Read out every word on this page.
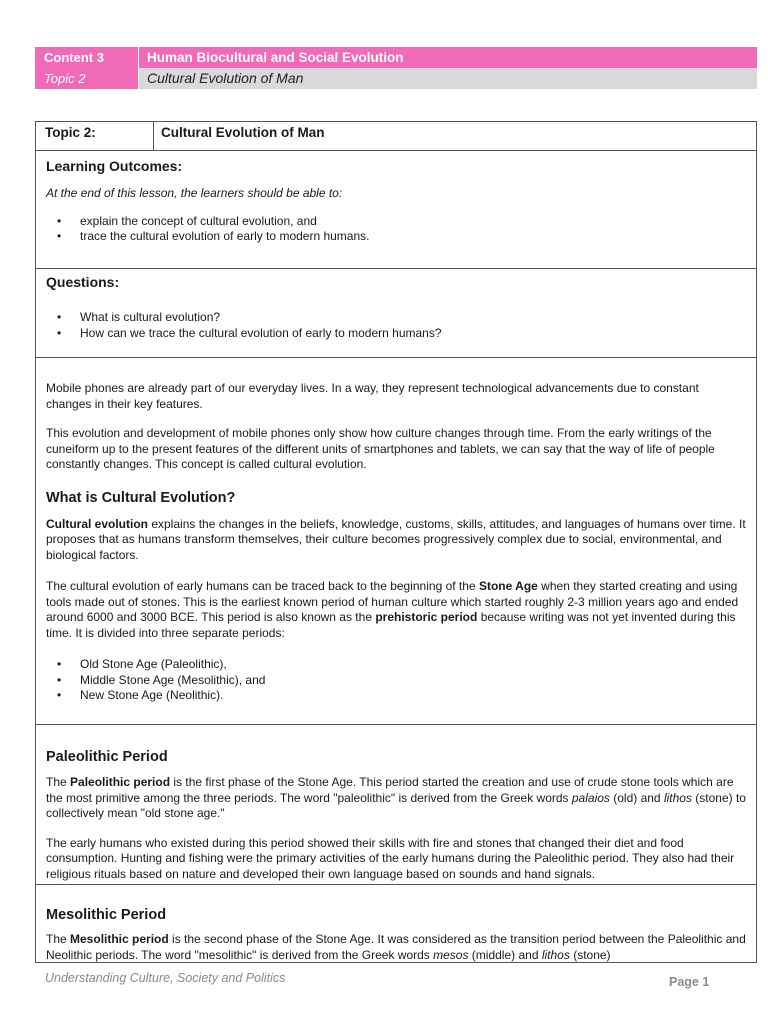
Content 3	Human Biocultural and Social Evolution
Topic 2	Cultural Evolution of Man
Topic 2:	Cultural Evolution of Man
Learning Outcomes:

At the end of this lesson, the learners should be able to:

• explain the concept of cultural evolution, and
• trace the cultural evolution of early to modern humans.
Questions:
• What is cultural evolution?
• How can we trace the cultural evolution of early to modern humans?

Mobile phones are already part of our everyday lives. In a way, they represent technological advancements due to constant changes in their key features.

This evolution and development of mobile phones only show how culture changes through time. From the early writings of the cuneiform up to the present features of the different units of smartphones and tablets, we can say that the way of life of people constantly changes. This concept is called cultural evolution.

What is Cultural Evolution?

Cultural evolution explains the changes in the beliefs, knowledge, customs, skills, attitudes, and languages of humans over time. It proposes that as humans transform themselves, their culture becomes progressively complex due to social, environmental, and biological factors.

The cultural evolution of early humans can be traced back to the beginning of the Stone Age when they started creating and using tools made out of stones. This is the earliest known period of human culture which started roughly 2-3 million years ago and ended around 6000 and 3000 BCE. This period is also known as the prehistoric period because writing was not yet invented during this time. It is divided into three separate periods:

• Old Stone Age (Paleolithic),
• Middle Stone Age (Mesolithic), and
• New Stone Age (Neolithic).
Paleolithic Period

The Paleolithic period is the first phase of the Stone Age. This period started the creation and use of crude stone tools which are the most primitive among the three periods. The word "paleolithic" is derived from the Greek words palaios (old) and lithos (stone) to collectively mean "old stone age."

The early humans who existed during this period showed their skills with fire and stones that changed their diet and food consumption. Hunting and fishing were the primary activities of the early humans during the Paleolithic period. They also had their religious rituals based on nature and developed their own language based on sounds and hand signals.

Mesolithic Period

The Mesolithic period is the second phase of the Stone Age. It was considered as the transition period between the Paleolithic and Neolithic periods. The word "mesolithic" is derived from the Greek words mesos (middle) and lithos (stone)

Understanding Culture, Society and Politics	Page 1
